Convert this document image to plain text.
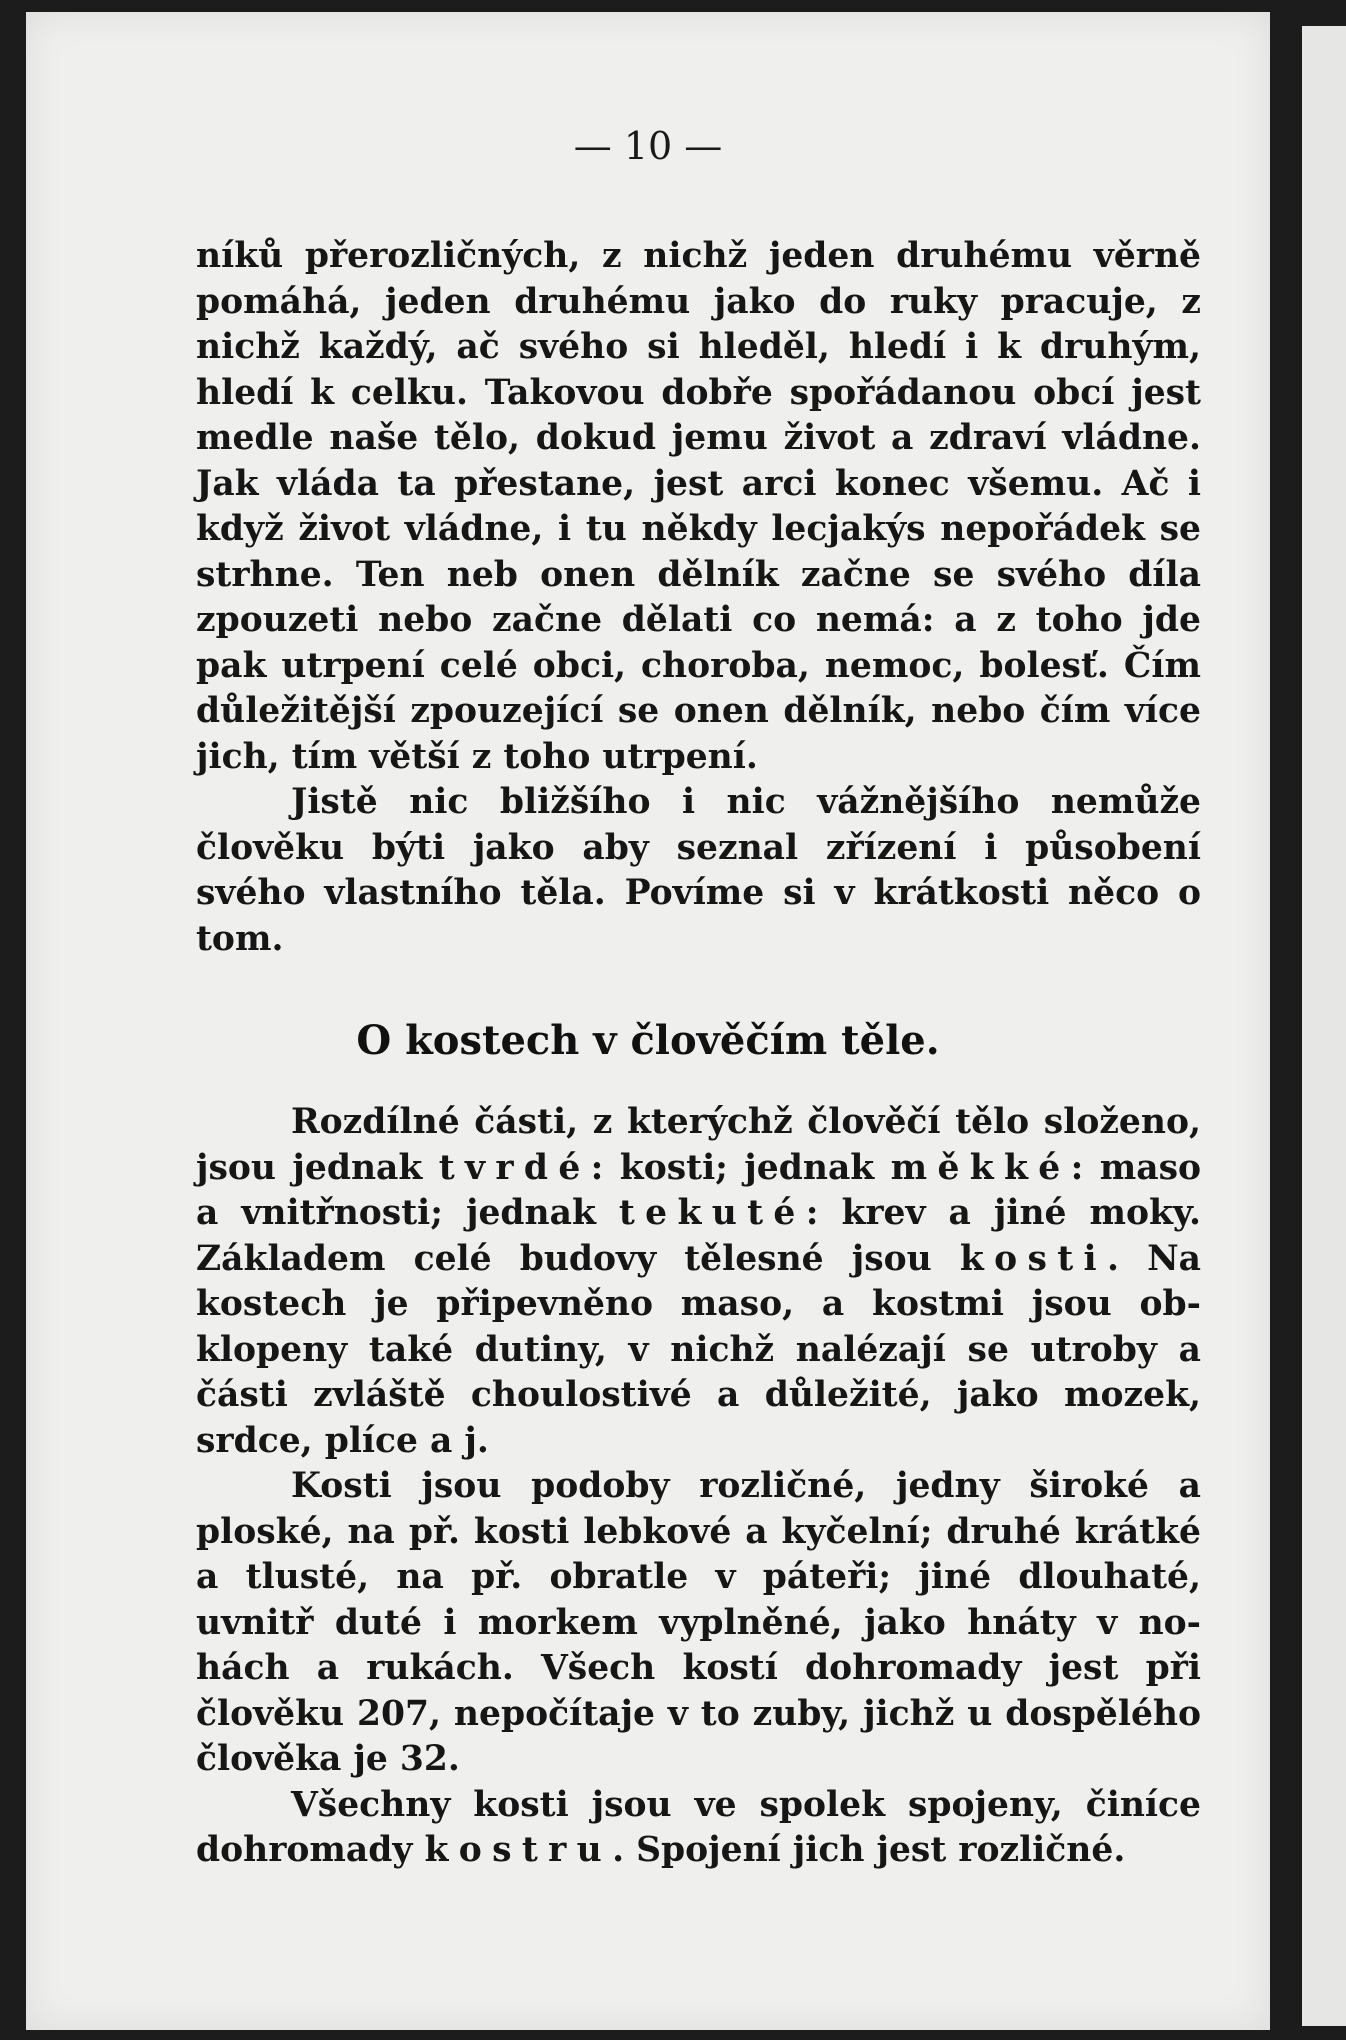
— 10 —

níků přerozličných, z nichž jeden druhému věrně pomáhá, jeden druhému jako do ruky pracuje, z nichž každý, ač svého si hleděl, hledí i k druhým, hledí k celku. Takovou dobře spořádanou obcí jest medle naše tělo, dokud jemu život a zdraví vládne. Jak vláda ta přestane, jest arci konec všemu. Ač i když život vládne, i tu někdy lecjakýs nepořádek se strhne. Ten neb onen dělník začne se svého díla zpouzeti nebo začne dělati co nemá: a z toho jde pak utrpení celé obci, choroba, nemoc, bolesť. Čím důležitější zpouzející se onen dělník, nebo čím více jich, tím větší z toho utrpení.

Jistě nic bližšího i nic vážnějšího nemůže člověku býti jako aby seznal zřízení i působení svého vlastního těla. Povíme si v krátkosti něco o tom.

O kostech v člověčím těle.

Rozdílné části, z kterýchž člověčí tělo složeno, jsou jednak tvrdé: kosti; jednak měkké: maso a vnitřnosti; jednak tekuté: krev a jiné moky. Základem celé budovy tělesné jsou kosti. Na kostech je připevněno maso, a kostmi jsou obklopeny také dutiny, v nichž nalézají se utroby a části zvláště choulostivé a důležité, jako mozek, srdce, plíce a j.

Kosti jsou podoby rozličné, jedny široké a ploské, na př. kosti lebkové a kyčelní; druhé krátké a tlusté, na př. obratle v páteři; jiné dlouhaté, uvnitř duté i morkem vyplněné, jako hnáty v nohách a rukách. Všech kostí dohromady jest při člověku 207, nepočítaje v to zuby, jichž u dospělého člověka je 32.

Všechny kosti jsou ve spolek spojeny, činíce dohromady kostru. Spojení jich jest rozličné.
